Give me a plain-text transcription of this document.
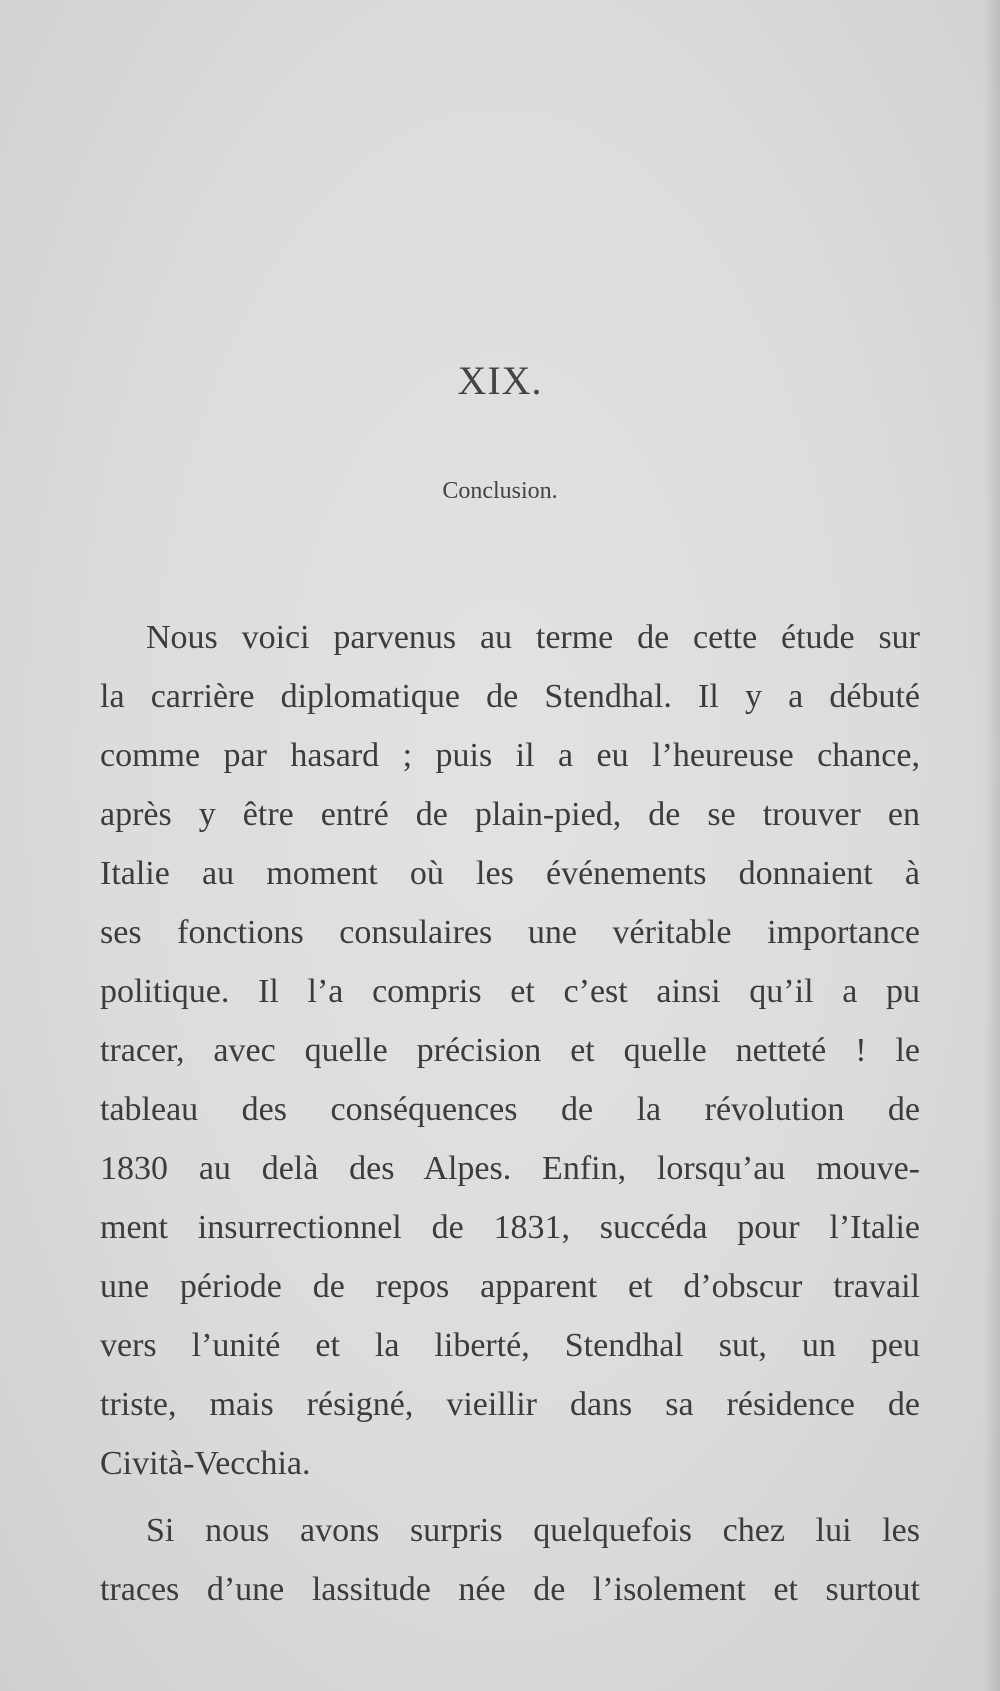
XIX.
Conclusion.
Nous voici parvenus au terme de cette étude sur
la carrière diplomatique de Stendhal. Il y a débuté
comme par hasard ; puis il a eu l’heureuse chance,
après y être entré de plain-pied, de se trouver en
Italie au moment où les événements donnaient à
ses fonctions consulaires une véritable importance
politique. Il l’a compris et c’est ainsi qu’il a pu
tracer, avec quelle précision et quelle netteté ! le
tableau des conséquences de la révolution de
1830 au delà des Alpes. Enfin, lorsqu’au mouve-
ment insurrectionnel de 1831, succéda pour l’Italie
une période de repos apparent et d’obscur travail
vers l’unité et la liberté, Stendhal sut, un peu
triste, mais résigné, vieillir dans sa résidence de
Cività-Vecchia.
Si nous avons surpris quelquefois chez lui les
traces d’une lassitude née de l’isolement et surtout
